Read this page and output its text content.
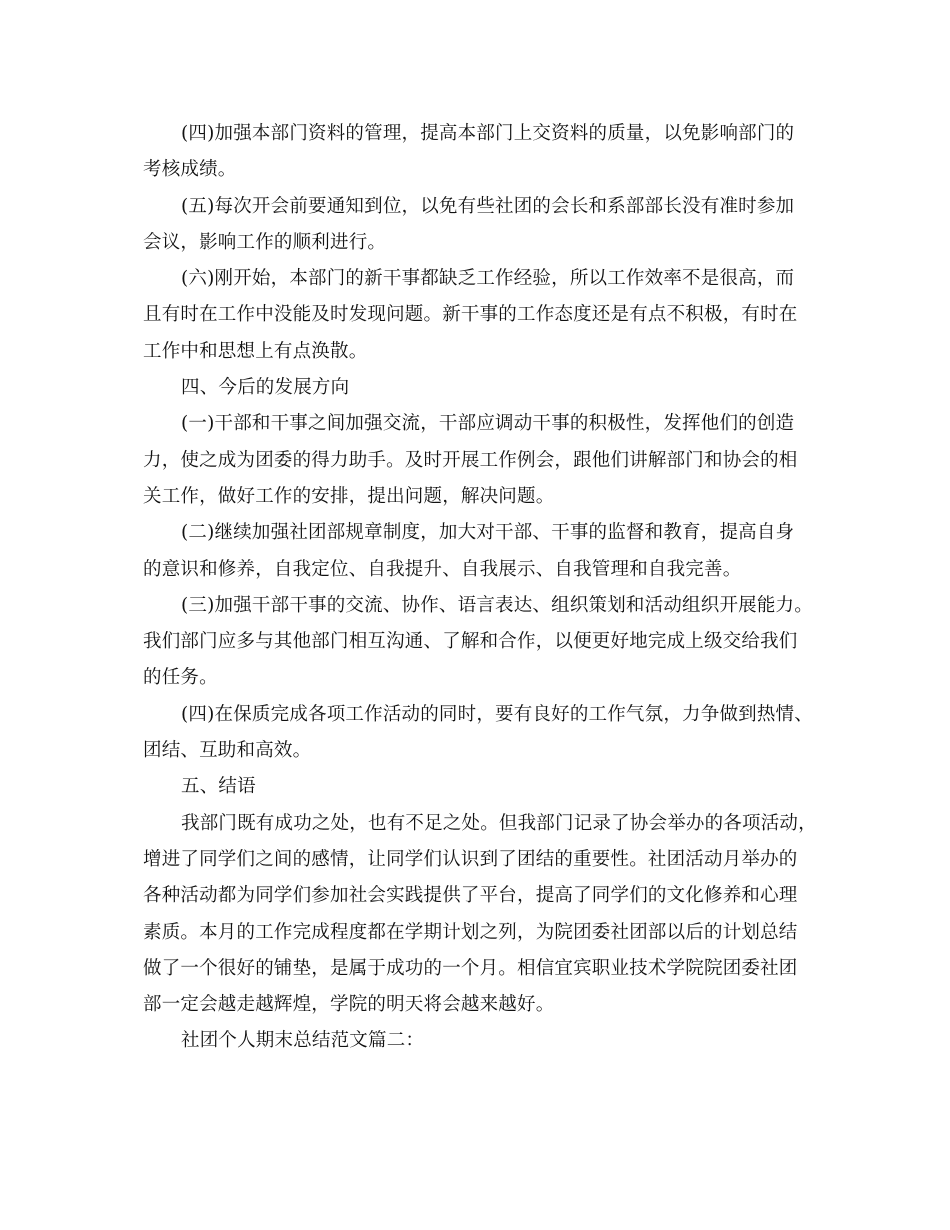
(四)加强本部门资料的管理，提高本部门上交资料的质量，以免影响部门的
考核成绩。
(五)每次开会前要通知到位，以免有些社团的会长和系部部长没有准时参加
会议，影响工作的顺利进行。
(六)刚开始，本部门的新干事都缺乏工作经验，所以工作效率不是很高，而
且有时在工作中没能及时发现问题。新干事的工作态度还是有点不积极，有时在
工作中和思想上有点涣散。
四、今后的发展方向
(一)干部和干事之间加强交流，干部应调动干事的积极性，发挥他们的创造
力，使之成为团委的得力助手。及时开展工作例会，跟他们讲解部门和协会的相
关工作，做好工作的安排，提出问题，解决问题。
(二)继续加强社团部规章制度，加大对干部、干事的监督和教育，提高自身
的意识和修养，自我定位、自我提升、自我展示、自我管理和自我完善。
(三)加强干部干事的交流、协作、语言表达、组织策划和活动组织开展能力。
我们部门应多与其他部门相互沟通、了解和合作，以便更好地完成上级交给我们
的任务。
(四)在保质完成各项工作活动的同时，要有良好的工作气氛，力争做到热情、
团结、互助和高效。
五、结语
我部门既有成功之处，也有不足之处。但我部门记录了协会举办的各项活动，
增进了同学们之间的感情，让同学们认识到了团结的重要性。社团活动月举办的
各种活动都为同学们参加社会实践提供了平台，提高了同学们的文化修养和心理
素质。本月的工作完成程度都在学期计划之列，为院团委社团部以后的计划总结
做了一个很好的铺垫，是属于成功的一个月。相信宜宾职业技术学院院团委社团
部一定会越走越辉煌，学院的明天将会越来越好。
社团个人期末总结范文篇二：
